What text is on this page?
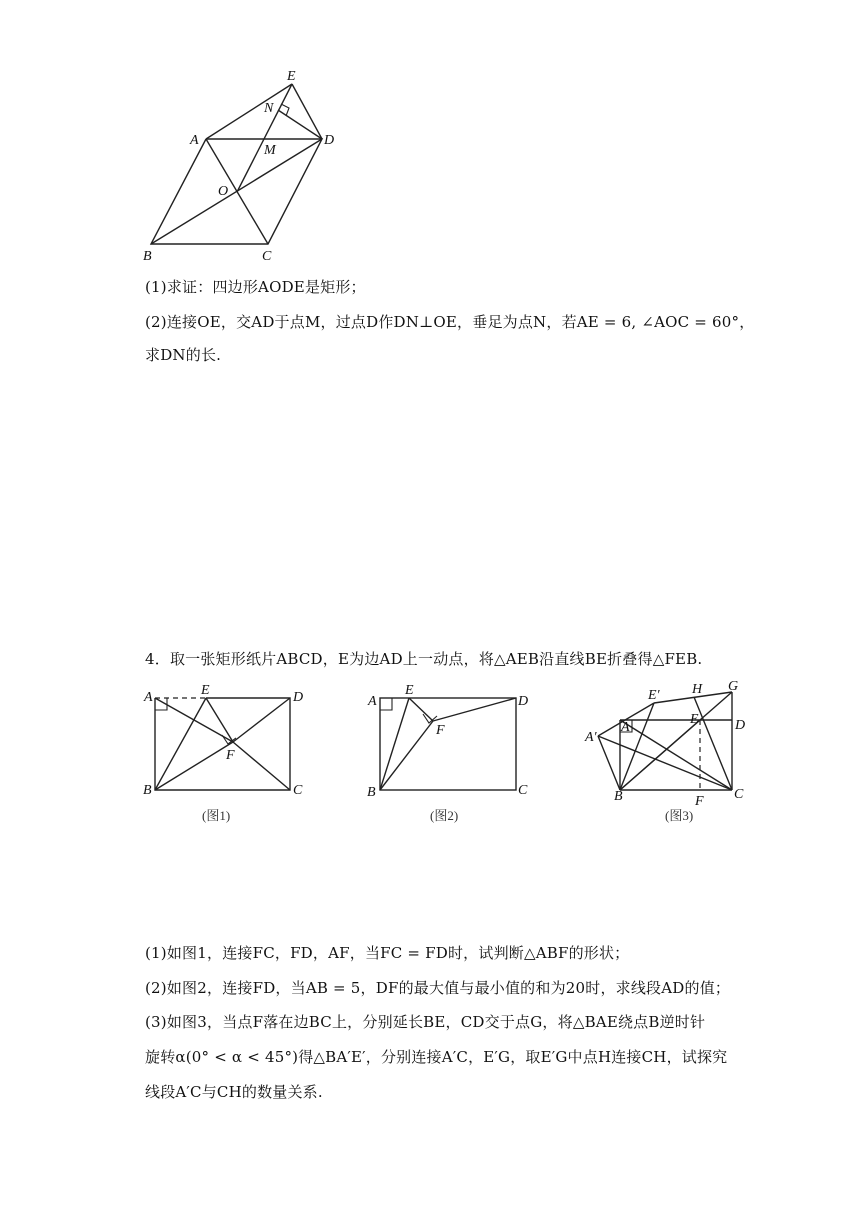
E
N
A
M
D
O
B	C
(1)求证：四边形AODE是矩形；
(2)连接OE，交AD于点M，过点D作DN⊥OE，垂足为点N，若AE = 6, ∠AOC = 60°，
求DN的长.
4．取一张矩形纸片ABCD，E为边AD上一动点，将△AEB沿直线BE折叠得△FEB.
A	E	D
F
B	C
(图1)
A
E
D
F
B	C
(图2)
E′ H G
A′
A
E	D
B	F C
(图3)
(1)如图1，连接FC，FD，AF，当FC = FD时，试判断△ABF的形状；
(2)如图2，连接FD，当AB = 5，DF的最大值与最小值的和为20时，求线段AD的值；
(3)如图3，当点F落在边BC上，分别延长BE，CD交于点G，将△BAE绕点B逆时针
旋转α(0° < α < 45°)得△BA′E′，分别连接A′C，E′G，取E′G中点H连接CH，试探究
线段A′C与CH的数量关系.
